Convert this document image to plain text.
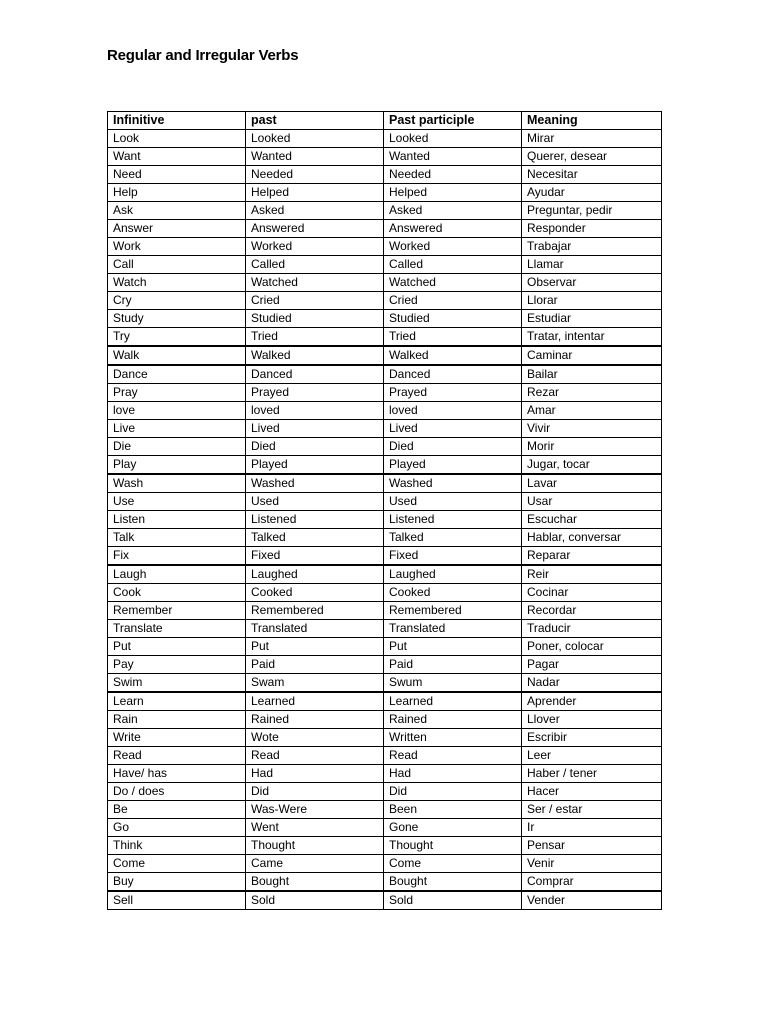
Regular and Irregular Verbs
Infinitive	past	Past participle	Meaning
Look	Looked	Looked	Mirar
Want	Wanted	Wanted	Querer, desear
Need	Needed	Needed	Necesitar
Help	Helped	Helped	Ayudar
Ask	Asked	Asked	Preguntar, pedir
Answer	Answered	Answered	Responder
Work	Worked	Worked	Trabajar
Call	Called	Called	Llamar
Watch	Watched	Watched	Observar
Cry	Cried	Cried	Llorar
Study	Studied	Studied	Estudiar
Try	Tried	Tried	Tratar, intentar
Walk	Walked	Walked	Caminar
Dance	Danced	Danced	Bailar
Pray	Prayed	Prayed	Rezar
love	loved	loved	Amar
Live	Lived	Lived	Vivir
Die	Died	Died	Morir
Play	Played	Played	Jugar, tocar
Wash	Washed	Washed	Lavar
Use	Used	Used	Usar
Listen	Listened	Listened	Escuchar
Talk	Talked	Talked	Hablar, conversar
Fix	Fixed	Fixed	Reparar
Laugh	Laughed	Laughed	Reir
Cook	Cooked	Cooked	Cocinar
Remember	Remembered	Remembered	Recordar
Translate	Translated	Translated	Traducir
Put	Put	Put	Poner, colocar
Pay	Paid	Paid	Pagar
Swim	Swam	Swum	Nadar
Learn	Learned	Learned	Aprender
Rain	Rained	Rained	Llover
Write	Wote	Written	Escribir
Read	Read	Read	Leer
Have/ has	Had	Had	Haber / tener
Do / does	Did	Did	Hacer
Be	Was-Were	Been	Ser / estar
Go	Went	Gone	Ir
Think	Thought	Thought	Pensar
Come	Came	Come	Venir
Buy	Bought	Bought	Comprar
Sell	Sold	Sold	Vender
